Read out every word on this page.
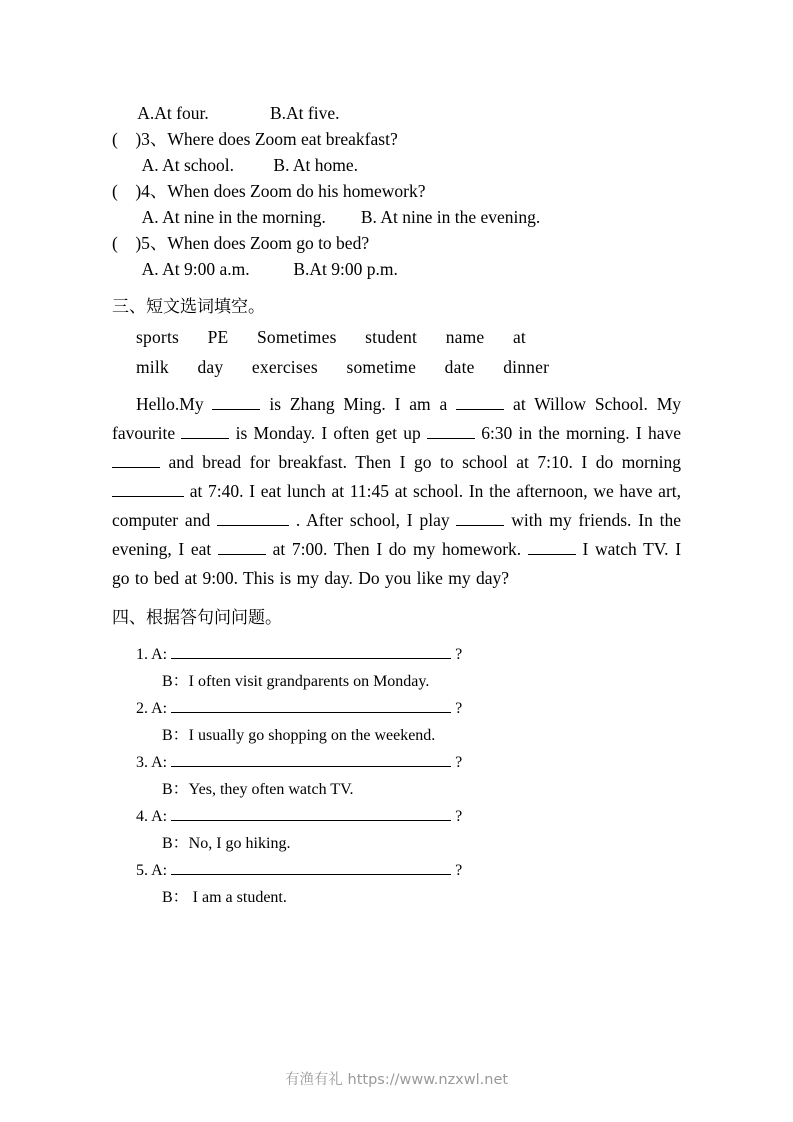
A.At four.              B.At five.
(    )3、Where does Zoom eat breakfast?
A. At school.         B. At home.
(    )4、When does Zoom do his homework?
A. At nine in the morning.        B. At nine in the evening.
(    )5、When does Zoom go to bed?
A. At 9:00 a.m.          B.At 9:00 p.m.
三、短文选词填空。
sports PE Sometimes student name at
milk day exercises sometime date dinner
Hello.My	is Zhang Ming. I am a	at Willow School. My favourite	is Monday. I often get up	6:30 in the morning. I have  and bread for breakfast. Then I go to school at 7:10. I do morning  at 7:40. I eat lunch at 11:45 at school. In the afternoon, we have art, computer and	. After school, I play	with my friends. In the evening, I eat	at 7:00. Then I do my homework.	I watch TV. I go to bed at 9:00. This is my day. Do you like my day?
四、根据答句问问题。
1. A:	?
B：I often visit grandparents on Monday.
2. A:	?
B：I usually go shopping on the weekend.
3. A:	?
B：Yes, they often watch TV.
4. A:	?
B：No, I go hiking.
5. A:	?
B： I am a student.
有渔有礼 https://www.nzxwl.net
